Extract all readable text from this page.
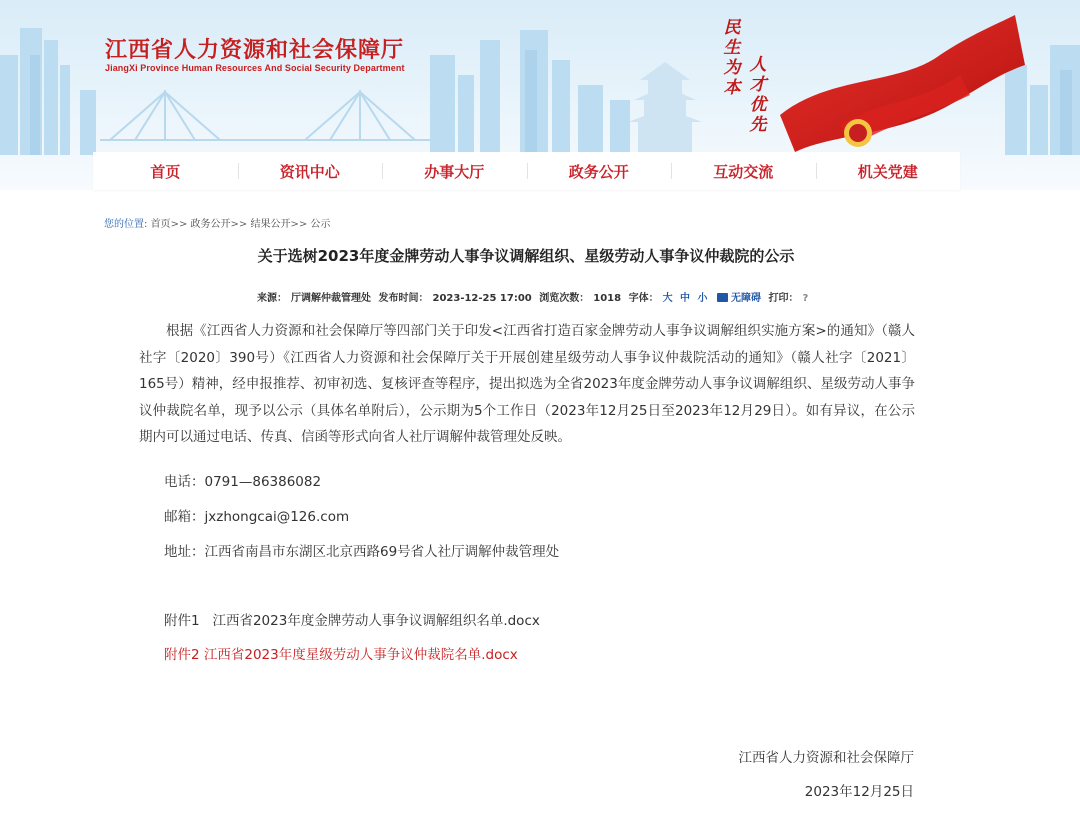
江西省人力资源和社会保障厅
JiangXi Province Human Resources And Social Security Department
民
生
为
本
人
才
优
先
首页	资讯中心	办事大厅	政务公开	互动交流	机关党建
您的位置: 首页>> 政务公开>> 结果公开>> 公示
关于选树2023年度金牌劳动人事争议调解组织、星级劳动人事争议仲裁院的公示
来源： 厅调解仲裁管理处 发布时间： 2023-12-25 17:00 浏览次数： 1018 字体： 大 中 小 无障碍 打印： ?
根据《江西省人力资源和社会保障厅等四部门关于印发<江西省打造百家金牌劳动人事争议调解组织实施方案>的通知》（赣人社字〔2020〕390号）《江西省人力资源和社会保障厅关于开展创建星级劳动人事争议仲裁院活动的通知》（赣人社字〔2021〕165号）精神，经申报推荐、初审初选、复核评查等程序，提出拟选为全省2023年度金牌劳动人事争议调解组织、星级劳动人事争议仲裁院名单，现予以公示（具体名单附后），公示期为5个工作日（2023年12月25日至2023年12月29日）。如有异议，在公示期内可以通过电话、传真、信函等形式向省人社厅调解仲裁管理处反映。
电话：0791—86386082
邮箱：jxzhongcai@126.com
地址：江西省南昌市东湖区北京西路69号省人社厅调解仲裁管理处
附件1   江西省2023年度金牌劳动人事争议调解组织名单.docx
附件2 江西省2023年度星级劳动人事争议仲裁院名单.docx
江西省人力资源和社会保障厅
2023年12月25日
